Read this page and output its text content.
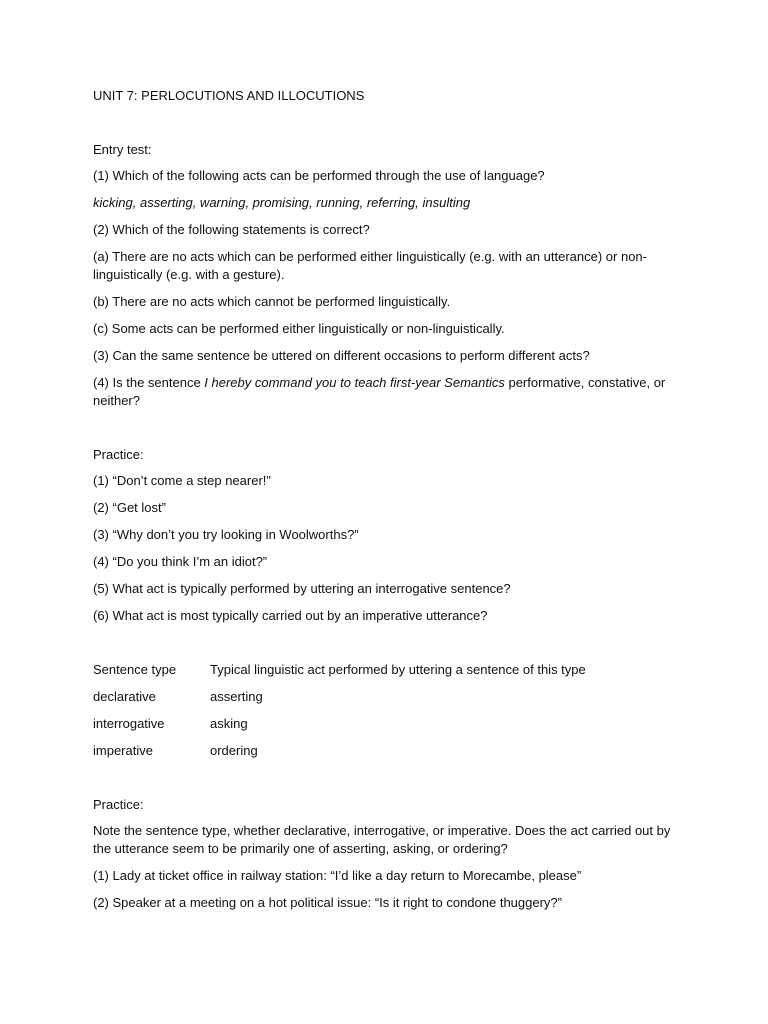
UNIT 7: PERLOCUTIONS AND ILLOCUTIONS

Entry test:

(1) Which of the following acts can be performed through the use of language?

kicking, asserting, warning, promising, running, referring, insulting

(2) Which of the following statements is correct?

(a) There are no acts which can be performed either linguistically (e.g. with an utterance) or non-linguistically (e.g. with a gesture).

(b) There are no acts which cannot be performed linguistically.

(c) Some acts can be performed either linguistically or non-linguistically.

(3) Can the same sentence be uttered on different occasions to perform different acts?

(4) Is the sentence I hereby command you to teach first-year Semantics performative, constative, or neither?

Practice:

(1) “Don’t come a step nearer!”

(2) “Get lost”

(3) “Why don’t you try looking in Woolworths?”

(4) “Do you think I’m an idiot?”

(5) What act is typically performed by uttering an interrogative sentence?

(6) What act is most typically carried out by an imperative utterance?

Sentence type	Typical linguistic act performed by uttering a sentence of this type
declarative	asserting
interrogative	asking
imperative	ordering

Practice:

Note the sentence type, whether declarative, interrogative, or imperative. Does the act carried out by the utterance seem to be primarily one of asserting, asking, or ordering?

(1) Lady at ticket office in railway station: “I’d like a day return to Morecambe, please”

(2) Speaker at a meeting on a hot political issue: “Is it right to condone thuggery?”
